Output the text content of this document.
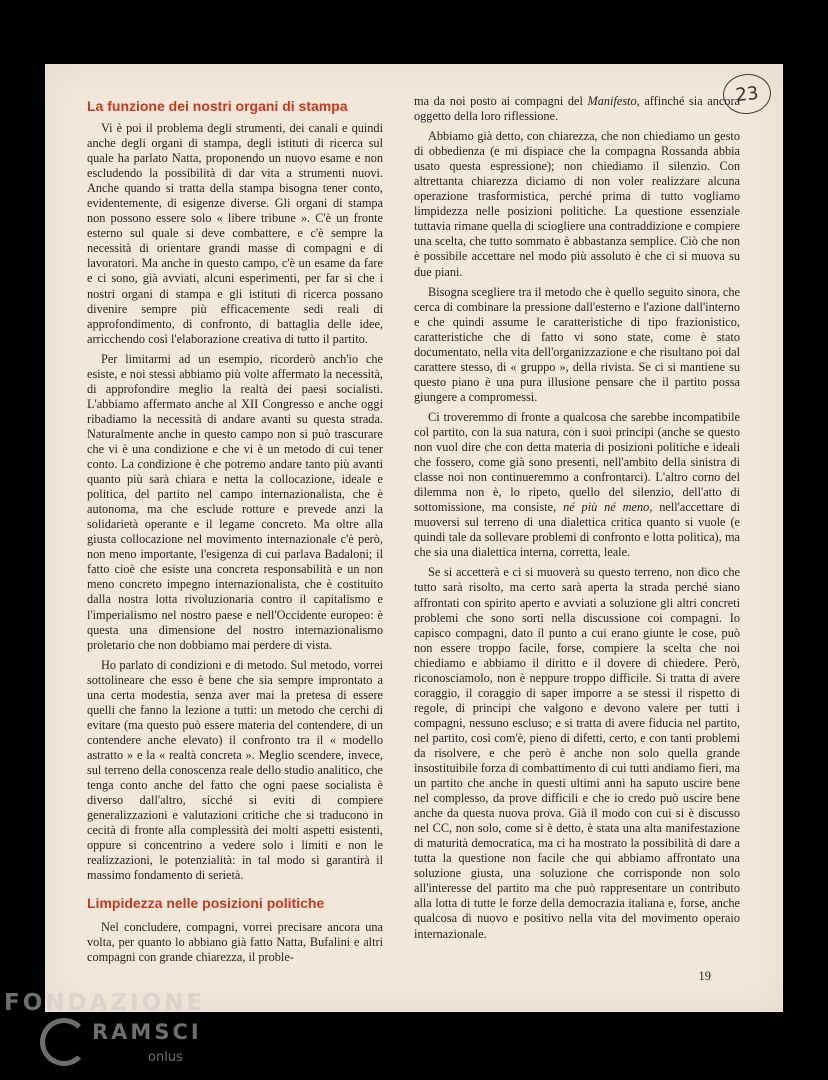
23
La funzione dei nostri organi di stampa

Vi è poi il problema degli strumenti, dei canali e quindi anche degli organi di stampa, degli istituti di ricerca sul quale ha parlato Natta, proponendo un nuovo esame e non escludendo la possibilità di dar vita a strumenti nuovi. Anche quando si tratta della stampa bisogna tener conto, evidentemente, di esigenze diverse. Gli organi di stampa non possono essere solo « libere tribune ». C'è un fronte esterno sul quale si deve combattere, e c'è sempre la necessità di orientare grandi masse di compagni e di lavoratori. Ma anche in questo campo, c'è un esame da fare e ci sono, già avviati, alcuni esperimenti, per far sì che i nostri organi di stampa e gli istituti di ricerca possano divenire sempre più efficacemente sedi reali di approfondimento, di confronto, di battaglia delle idee, arricchendo così l'elaborazione creativa di tutto il partito.

Per limitarmi ad un esempio, ricorderò anch'io che esiste, e noi stessi abbiamo più volte affermato la necessità, di approfondire meglio la realtà dei paesi socialisti. L'abbiamo affermato anche al XII Congresso e anche oggi ribadiamo la necessità di andare avanti su questa strada. Naturalmente anche in questo campo non si può trascurare che vi è una condizione e che vi è un metodo di cui tener conto. La condizione è che potremo andare tanto più avanti quanto più sarà chiara e netta la collocazione, ideale e politica, del partito nel campo internazionalista, che è autonoma, ma che esclude rotture e prevede anzi la solidarietà operante e il legame concreto. Ma oltre alla giusta collocazione nel movimento internazionale c'è però, non meno importante, l'esigenza di cui parlava Badaloni; il fatto cioè che esiste una concreta responsabilità e un non meno concreto impegno internazionalista, che è costituito dalla nostra lotta rivoluzionaria contro il capitalismo e l'imperialismo nel nostro paese e nell'Occidente europeo: è questa una dimensione del nostro internazionalismo proletario che non dobbiamo mai perdere di vista.

Ho parlato di condizioni e di metodo. Sul metodo, vorrei sottolineare che esso è bene che sia sempre improntato a una certa modestia, senza aver mai la pretesa di essere quelli che fanno la lezione a tutti: un metodo che cerchi di evitare (ma questo può essere materia del contendere, di un contendere anche elevato) il confronto tra il « modello astratto » e la « realtà concreta ». Meglio scendere, invece, sul terreno della conoscenza reale dello studio analitico, che tenga conto anche del fatto che ogni paese socialista è diverso dall'altro, sicché si eviti di compiere generalizzazioni e valutazioni critiche che si traducono in cecità di fronte alla complessità dei molti aspetti esistenti, oppure si concentrino a vedere solo i limiti e non le realizzazioni, le potenzialità: in tal modo si garantirà il massimo fondamento di serietà.

Limpidezza nelle posizioni politiche

Nel concludere, compagni, vorrei precisare ancora una volta, per quanto lo abbiano già fatto Natta, Bufalini e altri compagni con grande chiarezza, il proble-

ma da noi posto ai compagni del Manifesto, affinché sia ancora oggetto della loro riflessione.

Abbiamo già detto, con chiarezza, che non chiediamo un gesto di obbedienza (e mi dispiace che la compagna Rossanda abbia usato questa espressione); non chiediamo il silenzio. Con altrettanta chiarezza diciamo di non voler realizzare alcuna operazione trasformistica, perché prima di tutto vogliamo limpidezza nelle posizioni politiche. La questione essenziale tuttavia rimane quella di sciogliere una contraddizione e compiere una scelta, che tutto sommato è abbastanza semplice. Ciò che non è possibile accettare nel modo più assoluto è che ci si muova su due piani.

Bisogna scegliere tra il metodo che è quello seguito sinora, che cerca di combinare la pressione dall'esterno e l'azione dall'interno e che quindi assume le caratteristiche di tipo frazionistico, caratteristiche che di fatto vi sono state, come è stato documentato, nella vita dell'organizzazione e che risultano poi dal carattere stesso, di « gruppo », della rivista. Se ci si mantiene su questo piano è una pura illusione pensare che il partito possa giungere a compromessi.

Ci troveremmo di fronte a qualcosa che sarebbe incompatibile col partito, con la sua natura, con i suoi principi (anche se questo non vuol dire che con detta materia di posizioni politiche e ideali che fossero, come già sono presenti, nell'ambito della sinistra di classe noi non continueremmo a confrontarci). L'altro corno del dilemma non è, lo ripeto, quello del silenzio, dell'atto di sottomissione, ma consiste, né più né meno, nell'accettare di muoversi sul terreno di una dialettica critica quanto si vuole (e quindi tale da sollevare problemi di confronto e lotta politica), ma che sia una dialettica interna, corretta, leale.

Se si accetterà e ci si muoverà su questo terreno, non dico che tutto sarà risolto, ma certo sarà aperta la strada perché siano affrontati con spirito aperto e avviati a soluzione gli altri concreti problemi che sono sorti nella discussione coi compagni. Io capisco compagni, dato il punto a cui erano giunte le cose, può non essere troppo facile, forse, compiere la scelta che noi chiediamo e abbiamo il diritto e il dovere di chiedere. Però, riconosciamolo, non è neppure troppo difficile. Si tratta di avere coraggio, il coraggio di saper imporre a se stessi il rispetto di regole, di principi che valgono e devono valere per tutti i compagni, nessuno escluso; e si tratta di avere fiducia nel partito, nel partito, così com'è, pieno di difetti, certo, e con tanti problemi da risolvere, e che però è anche non solo quella grande insostituibile forza di combattimento di cui tutti andiamo fieri, ma un partito che anche in questi ultimi anni ha saputo uscire bene nel complesso, da prove difficili e che io credo può uscire bene anche da questa nuova prova. Già il modo con cui si è discusso nel CC, non solo, come si è detto, è stata una alta manifestazione di maturità democratica, ma ci ha mostrato la possibilità di dare a tutta la questione non facile che qui abbiamo affrontato una soluzione giusta, una soluzione che corrisponde non solo all'interesse del partito ma che può rappresentare un contributo alla lotta di tutte le forze della democrazia italiana e, forse, anche qualcosa di nuovo e positivo nella vita del movimento operaio internazionale.

19
FONDAZIONE
RAMSCI
onlus
